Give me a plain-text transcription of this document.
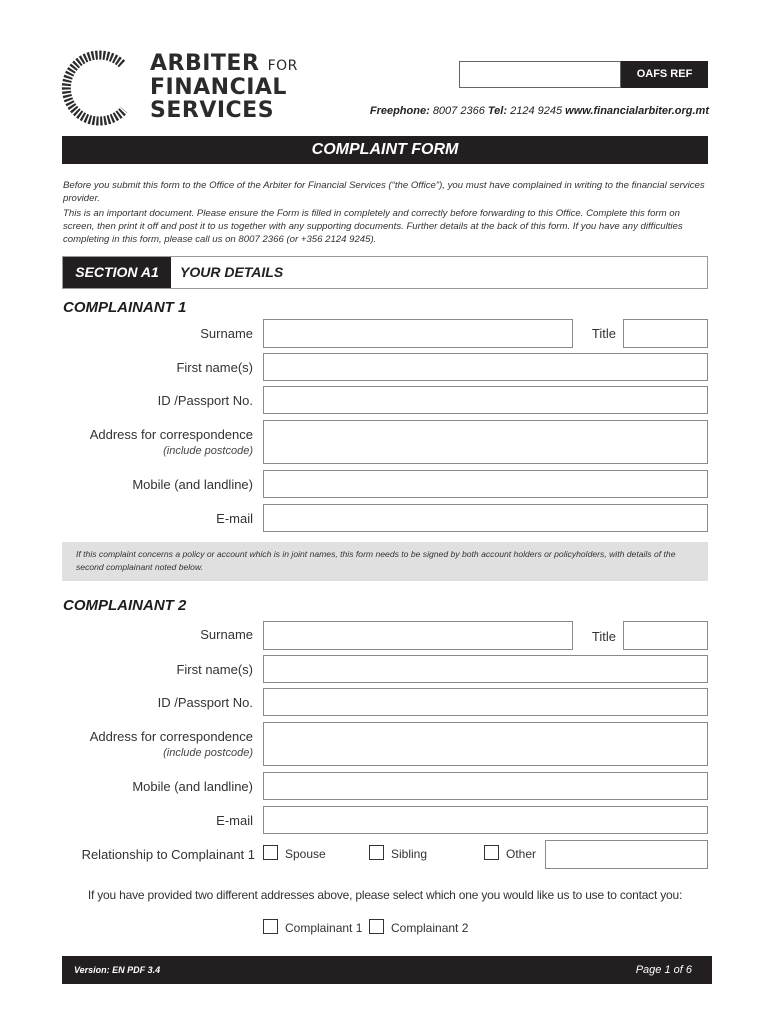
ARBITER FOR
FINANCIAL
SERVICES
OAFS REF
Freephone: 8007 2366 Tel: 2124 9245 www.financialarbiter.org.mt
COMPLAINT FORM
Before you submit this form to the Office of the Arbiter for Financial Services (“the Office”), you must have complained in writing to the financial services provider.
This is an important document. Please ensure the Form is filled in completely and correctly before forwarding to this Office. Complete this form on screen, then print it off and post it to us together with any supporting documents. Further details at the back of this form. If you have any difficulties completing in this form, please call us on 8007 2366 (or +356 2124 9245).
SECTION A1	YOUR DETAILS
COMPLAINANT 1
Surname	Title
First name(s)
ID /Passport No.
Address for correspondence
(include postcode)
Mobile (and landline)
E-mail
If this complaint concerns a policy or account which is in joint names, this form needs to be signed by both account holders or policyholders, with details of the second complainant noted below.
COMPLAINANT 2
Surname	Title
First name(s)
ID /Passport No.
Address for correspondence
(include postcode)
Mobile (and landline)
E-mail
Relationship to Complainant 1	Spouse	Sibling	Other
If you have provided two different addresses above, please select which one you would like us to use to contact you:
Complainant 1 Complainant 2
Version: EN PDF 3.4	Page 1 of 6
